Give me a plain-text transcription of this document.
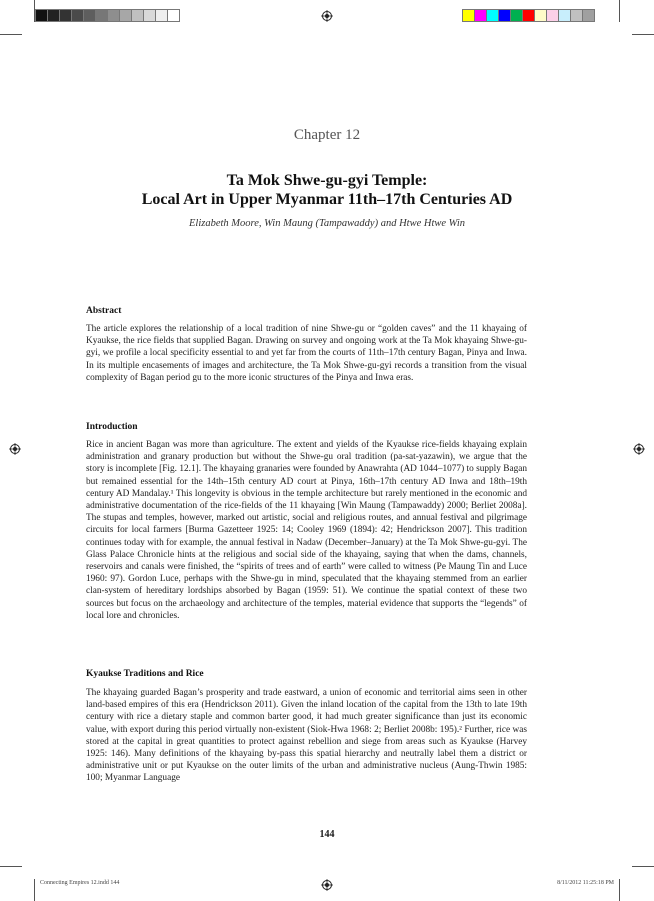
Chapter 12
Ta Mok Shwe-gu-gyi Temple:
Local Art in Upper Myanmar 11th–17th Centuries AD
Elizabeth Moore, Win Maung (Tampawaddy) and Htwe Htwe Win
Abstract
The article explores the relationship of a local tradition of nine Shwe-gu or “golden caves” and the 11 khayaing of Kyaukse, the rice fields that supplied Bagan. Drawing on survey and ongoing work at the Ta Mok khayaing Shwe-gu-gyi, we profile a local specificity essential to and yet far from the courts of 11th–17th century Bagan, Pinya and Inwa. In its multiple encasements of images and architecture, the Ta Mok Shwe-gu-gyi records a transition from the visual complexity of Bagan period gu to the more iconic structures of the Pinya and Inwa eras.
Introduction
Rice in ancient Bagan was more than agriculture. The extent and yields of the Kyaukse rice-fields khayaing explain administration and granary production but without the Shwe-gu oral tradition (pa-sat-yazawin), we argue that the story is incomplete [Fig. 12.1]. The khayaing granaries were founded by Anawrahta (AD 1044–1077) to supply Bagan but remained essential for the 14th–15th century AD court at Pinya, 16th–17th century AD Inwa and 18th–19th century AD Mandalay.¹ This longevity is obvious in the temple architecture but rarely mentioned in the economic and administrative documentation of the rice-fields of the 11 khayaing [Win Maung (Tampawaddy) 2000; Berliet 2008a]. The stupas and temples, however, marked out artistic, social and religious routes, and annual festival and pilgrimage circuits for local farmers [Burma Gazetteer 1925: 14; Cooley 1969 (1894): 42; Hendrickson 2007]. This tradition continues today with for example, the annual festival in Nadaw (December–January) at the Ta Mok Shwe-gu-gyi. The Glass Palace Chronicle hints at the religious and social side of the khayaing, saying that when the dams, channels, reservoirs and canals were finished, the “spirits of trees and of earth” were called to witness (Pe Maung Tin and Luce 1960: 97). Gordon Luce, perhaps with the Shwe-gu in mind, speculated that the khayaing stemmed from an earlier clan-system of hereditary lordships absorbed by Bagan (1959: 51). We continue the spatial context of these two sources but focus on the archaeology and architecture of the temples, material evidence that supports the “legends” of local lore and chronicles.
Kyaukse Traditions and Rice
The khayaing guarded Bagan’s prosperity and trade eastward, a union of economic and territorial aims seen in other land-based empires of this era (Hendrickson 2011). Given the inland location of the capital from the 13th to late 19th century with rice a dietary staple and common barter good, it had much greater significance than just its economic value, with export during this period virtually non-existent (Siok-Hwa 1968: 2; Berliet 2008b: 195).² Further, rice was stored at the capital in great quantities to protect against rebellion and siege from areas such as Kyaukse (Harvey 1925: 146). Many definitions of the khayaing by-pass this spatial hierarchy and neutrally label them a district or administrative unit or put Kyaukse on the outer limits of the urban and administrative nucleus (Aung-Thwin 1985: 100; Myanmar Language
144
Connecting Empires 12.indd 144	8/11/2012 11:25:18 PM
